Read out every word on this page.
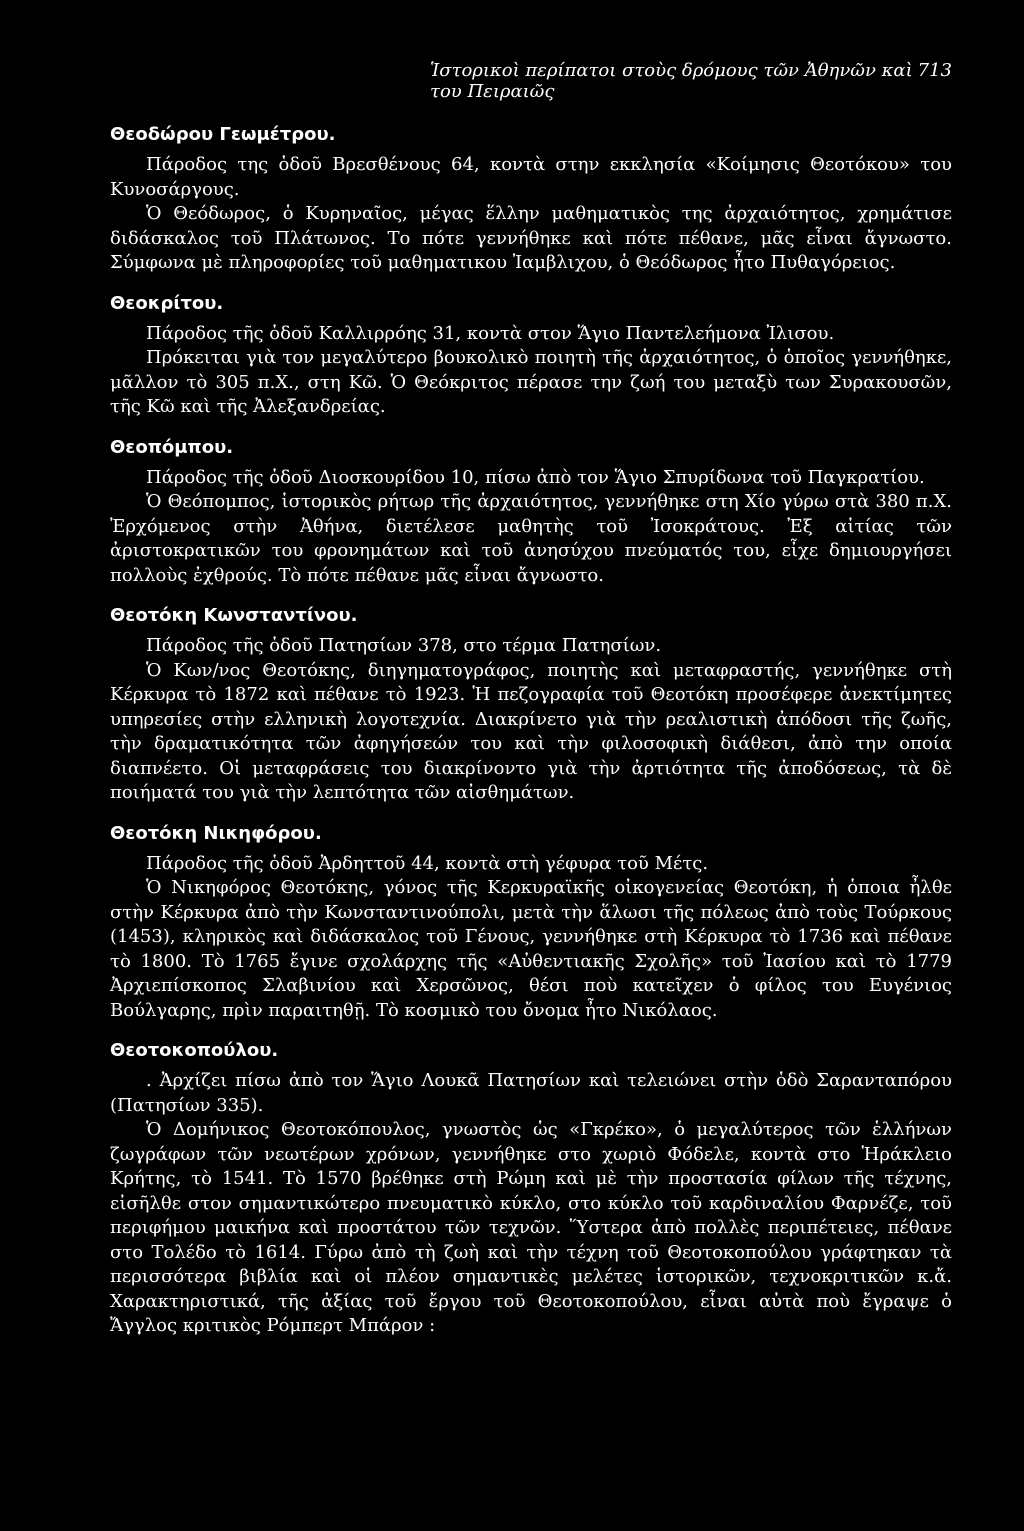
Ἱστορικοὶ περίπατοι στοὺς δρόμους τῶν Ἀθηνῶν καὶ του Πειραιῶς
713
Θεοδώρου Γεωμέτρου.

Πάροδος της ὁδοῦ Βρεσθένους 64, κοντὰ στην εκκλησία «Κοίμησις Θεοτόκου» του Κυνοσάργους.

Ὁ Θεόδωρος, ὁ Κυρηναῖος, μέγας ἕλλην μαθηματικὸς της ἀρχαιότητος, χρημάτισε διδάσκαλος τοῦ Πλάτωνος. Το πότε γεννήθηκε καὶ πότε πέθανε, μᾶς εἶναι ἄγνωστο. Σύμφωνα μὲ πληροφορίες τοῦ μαθηματικου Ἰαμβλιχου, ὁ Θεόδωρος ἦτο Πυθαγόρειος.

Θεοκρίτου.

Πάροδος τῆς ὁδοῦ Καλλιρρόης 31, κοντὰ στον Ἅγιο Παντελεήμονα Ἰλισου.

Πρόκειται γιὰ τον μεγαλύτερο βουκολικὸ ποιητὴ τῆς ἀρχαιότητος, ὁ ὁποῖος γεννήθηκε, μᾶλλον τὸ 305 π.Χ., στη Κῶ. Ὁ Θεόκριτος πέρασε την ζωή του μεταξὺ των Συρακουσῶν, τῆς Κῶ καὶ τῆς Ἀλεξανδρείας.

Θεοπόμπου.

Πάροδος τῆς ὁδοῦ Διοσκουρίδου 10, πίσω ἀπὸ τον Ἅγιο Σπυρίδωνα τοῦ Παγκρατίου.

Ὁ Θεόπομπος, ἱστορικὸς ρήτωρ τῆς ἀρχαιότητος, γεννήθηκε στη Χίο γύρω στὰ 380 π.Χ. Ἐρχόμενος στὴν Ἀθήνα, διετέλεσε μαθητὴς τοῦ Ἰσοκράτους. Ἐξ αἰτίας τῶν ἀριστοκρατικῶν του φρονημάτων καὶ τοῦ ἀνησύχου πνεύματός του, εἶχε δημιουργήσει πολλοὺς ἐχθρούς. Τὸ πότε πέθανε μᾶς εἶναι ἄγνωστο.

Θεοτόκη Κωνσταντίνου.

Πάροδος τῆς ὁδοῦ Πατησίων 378, στο τέρμα Πατησίων.

Ὁ Κων/νος Θεοτόκης, διηγηματογράφος, ποιητὴς καὶ μεταφραστής, γεννήθηκε στὴ Κέρκυρα τὸ 1872 καὶ πέθανε τὸ 1923. Ἡ πεζογραφία τοῦ Θεοτόκη προσέφερε ἀνεκτίμητες υπηρεσίες στὴν ελληνικὴ λογοτεχνία. Διακρίνετο γιὰ τὴν ρεαλιστικὴ ἀπόδοσι τῆς ζωῆς, τὴν δραματικότητα τῶν ἀφηγήσεών του καὶ τὴν φιλοσοφικὴ διάθεσι, ἀπὸ την οποία διαπνέετο. Οἱ μεταφράσεις του διακρίνοντο γιὰ τὴν ἀρτιότητα τῆς ἀποδόσεως, τὰ δὲ ποιήματά του γιὰ τὴν λεπτότητα τῶν αἰσθημάτων.

Θεοτόκη Νικηφόρου.

Πάροδος τῆς ὁδοῦ Ἀρδηττοῦ 44, κοντὰ στὴ γέφυρα τοῦ Μέτς.

Ὁ Νικηφόρος Θεοτόκης, γόνος τῆς Κερκυραϊκῆς οἰκογενείας Θεοτόκη, ἡ ὁποια ἦλθε στὴν Κέρκυρα ἀπὸ τὴν Κωνσταντινούπολι, μετὰ τὴν ἅλωσι τῆς πόλεως ἀπὸ τοὺς Τούρκους (1453), κληρικὸς καὶ διδάσκαλος τοῦ Γένους, γεννήθηκε στὴ Κέρκυρα τὸ 1736 καὶ πέθανε τὸ 1800. Τὸ 1765 ἔγινε σχολάρχης τῆς «Αὐθεντιακῆς Σχολῆς» τοῦ Ἰασίου καὶ τὸ 1779 Ἀρχιεπίσκοπος Σλαβινίου καὶ Χερσῶνος, θέσι ποὺ κατεῖχεν ὁ φίλος του Ευγένιος Βούλγαρης, πρὶν παραιτηθῇ. Τὸ κοσμικὸ του ὄνομα ἦτο Νικόλαος.

Θεοτοκοπούλου.

. Ἀρχίζει πίσω ἀπὸ τον Ἅγιο Λουκᾶ Πατησίων καὶ τελειώνει στὴν ὁδὸ Σαρανταπόρου (Πατησίων 335).

Ὁ Δομήνικος Θεοτοκόπουλος, γνωστὸς ὡς «Γκρέκο», ὁ μεγαλύτερος τῶν ἑλλήνων ζωγράφων τῶν νεωτέρων χρόνων, γεννήθηκε στο χωριὸ Φόδελε, κοντὰ στο Ἡράκλειο Κρήτης, τὸ 1541. Τὸ 1570 βρέθηκε στὴ Ρώμη καὶ μὲ τὴν προστασία φίλων τῆς τέχνης, εἰσῆλθε στον σημαντικώτερο πνευματικὸ κύκλο, στο κύκλο τοῦ καρδιναλίου Φαρνέζε, τοῦ περιφήμου μαικήνα καὶ προστάτου τῶν τεχνῶν. Ὕστερα ἀπὸ πολλὲς περιπέτειες, πέθανε στο Τολέδο τὸ 1614. Γύρω ἀπὸ τὴ ζωὴ καὶ τὴν τέχνη τοῦ Θεοτοκοπούλου γράφτηκαν τὰ περισσότερα βιβλία καὶ οἱ πλέον σημαντικὲς μελέτες ἱστορικῶν, τεχνοκριτικῶν κ.ἄ. Χαρακτηριστικά, τῆς ἀξίας τοῦ ἔργου τοῦ Θεοτοκοπούλου, εἶναι αὐτὰ ποὺ ἔγραψε ὁ Ἄγγλος κριτικὸς Ρόμπερτ Μπάρον :
